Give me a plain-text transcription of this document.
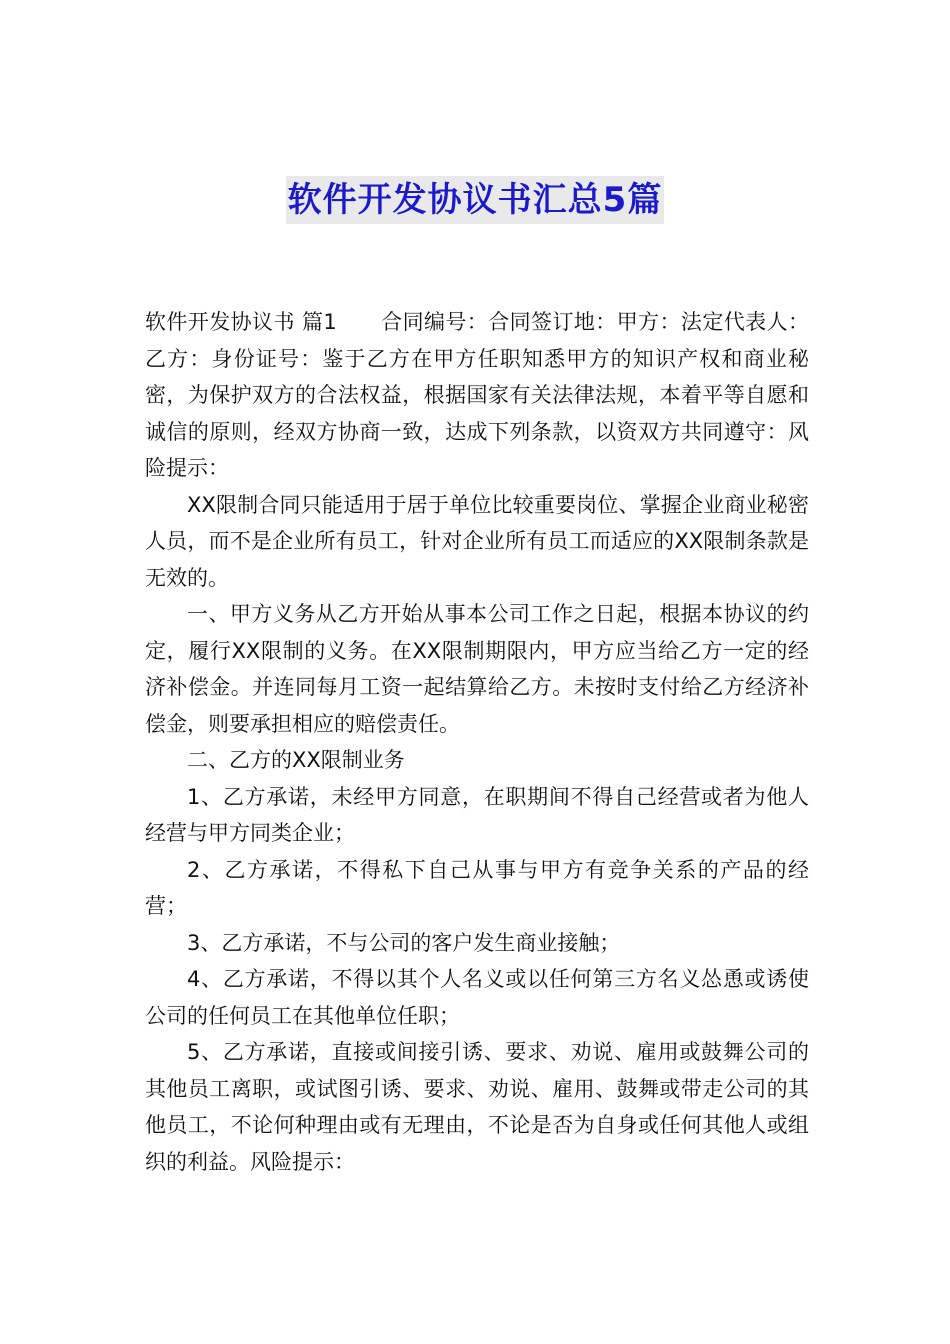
软件开发协议书汇总5篇

软件开发协议书 篇1 合同编号：合同签订地：甲方：法定代表人：乙方：身份证号：鉴于乙方在甲方任职知悉甲方的知识产权和商业秘密，为保护双方的合法权益，根据国家有关法律法规，本着平等自愿和诚信的原则，经双方协商一致，达成下列条款，以资双方共同遵守：风险提示：

XX限制合同只能适用于居于单位比较重要岗位、掌握企业商业秘密人员，而不是企业所有员工，针对企业所有员工而适应的XX限制条款是无效的。

一、甲方义务从乙方开始从事本公司工作之日起，根据本协议的约定，履行XX限制的义务。在XX限制期限内，甲方应当给乙方一定的经济补偿金。并连同每月工资一起结算给乙方。未按时支付给乙方经济补偿金，则要承担相应的赔偿责任。

二、乙方的XX限制业务

1、乙方承诺，未经甲方同意，在职期间不得自己经营或者为他人经营与甲方同类企业；

2、乙方承诺，不得私下自己从事与甲方有竞争关系的产品的经营；

3、乙方承诺，不与公司的客户发生商业接触；

4、乙方承诺，不得以其个人名义或以任何第三方名义怂恿或诱使公司的任何员工在其他单位任职；

5、乙方承诺，直接或间接引诱、要求、劝说、雇用或鼓舞公司的其他员工离职，或试图引诱、要求、劝说、雇用、鼓舞或带走公司的其他员工，不论何种理由或有无理由，不论是否为自身或任何其他人或组织的利益。风险提示：
